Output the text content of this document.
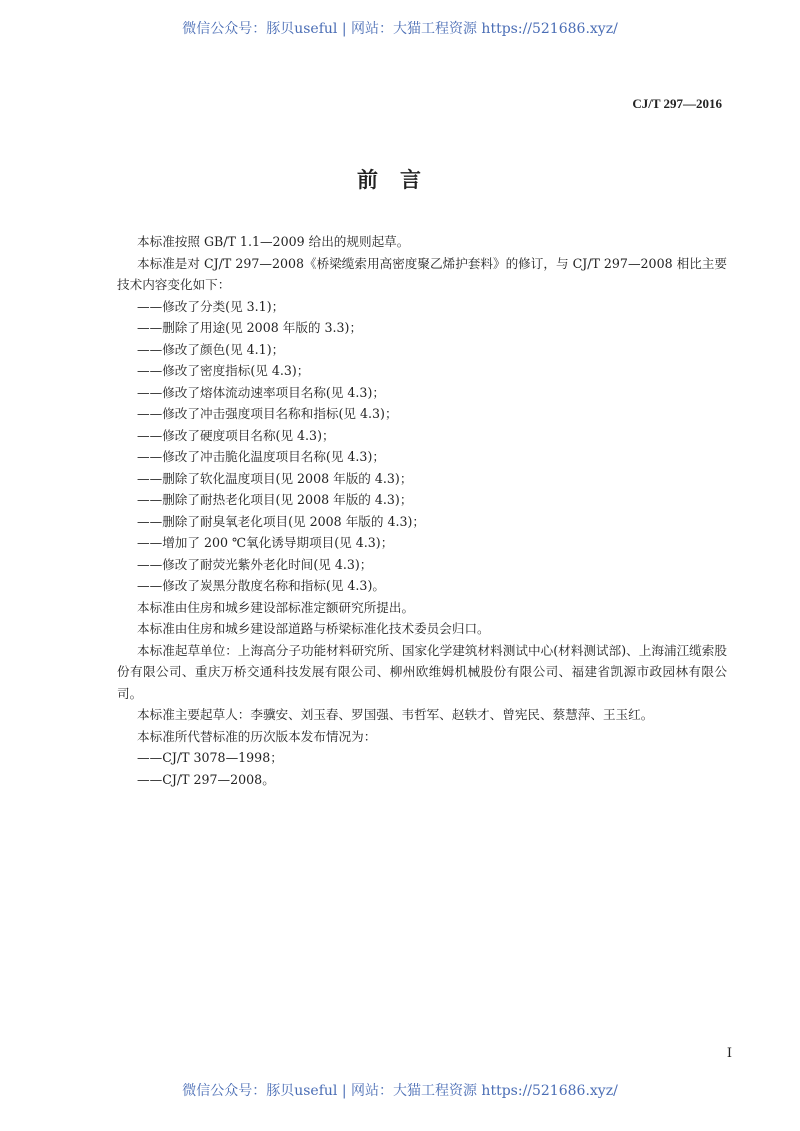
微信公众号：豚贝useful | 网站：大猫工程资源 https://521686.xyz/
CJ/T 297—2016
前言

本标准按照 GB/T 1.1—2009 给出的规则起草。

本标准是对 CJ/T 297—2008《桥梁缆索用高密度聚乙烯护套料》的修订，与 CJ/T 297—2008 相比主要技术内容变化如下：

——修改了分类(见 3.1)；

——删除了用途(见 2008 年版的 3.3)；

——修改了颜色(见 4.1)；

——修改了密度指标(见 4.3)；

——修改了熔体流动速率项目名称(见 4.3)；

——修改了冲击强度项目名称和指标(见 4.3)；

——修改了硬度项目名称(见 4.3)；

——修改了冲击脆化温度项目名称(见 4.3)；

——删除了软化温度项目(见 2008 年版的 4.3)；

——删除了耐热老化项目(见 2008 年版的 4.3)；

——删除了耐臭氧老化项目(见 2008 年版的 4.3)；

——增加了 200 ℃氧化诱导期项目(见 4.3)；

——修改了耐荧光紫外老化时间(见 4.3)；

——修改了炭黑分散度名称和指标(见 4.3)。

本标准由住房和城乡建设部标准定额研究所提出。

本标准由住房和城乡建设部道路与桥梁标准化技术委员会归口。

本标准起草单位：上海高分子功能材料研究所、国家化学建筑材料测试中心(材料测试部)、上海浦江缆索股份有限公司、重庆万桥交通科技发展有限公司、柳州欧维姆机械股份有限公司、福建省凯源市政园林有限公司。

本标准主要起草人：李骥安、刘玉春、罗国强、韦哲军、赵轶才、曾宪民、蔡慧萍、王玉红。

本标准所代替标准的历次版本发布情况为：

——CJ/T 3078—1998；

——CJ/T 297—2008。

I
微信公众号：豚贝useful | 网站：大猫工程资源 https://521686.xyz/
